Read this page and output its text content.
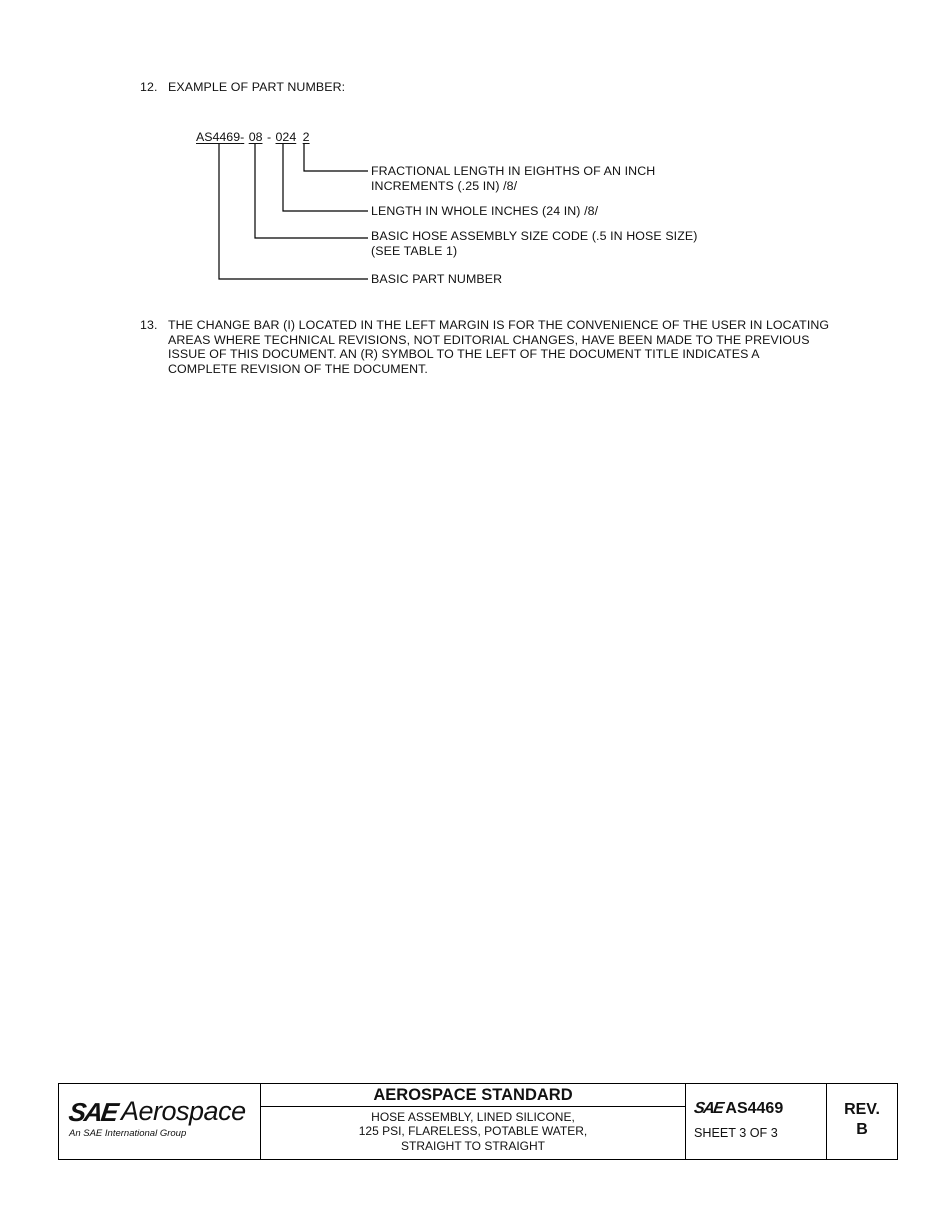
12. EXAMPLE OF PART NUMBER:
AS4469- 08 - 024 2
FRACTIONAL LENGTH IN EIGHTHS OF AN INCH
INCREMENTS (.25 IN) /8/
LENGTH IN WHOLE INCHES (24 IN) /8/
BASIC HOSE ASSEMBLY SIZE CODE (.5 IN HOSE SIZE)
(SEE TABLE 1)
BASIC PART NUMBER
13. THE CHANGE BAR (I) LOCATED IN THE LEFT MARGIN IS FOR THE CONVENIENCE OF THE USER IN LOCATING
AREAS WHERE TECHNICAL REVISIONS, NOT EDITORIAL CHANGES, HAVE BEEN MADE TO THE PREVIOUS
ISSUE OF THIS DOCUMENT. AN (R) SYMBOL TO THE LEFT OF THE DOCUMENT TITLE INDICATES A
COMPLETE REVISION OF THE DOCUMENT.
SAE Aerospace
An SAE International Group
AEROSPACE STANDARD
HOSE ASSEMBLY, LINED SILICONE,
125 PSI, FLARELESS, POTABLE WATER,
STRAIGHT TO STRAIGHT
SAE AS4469
SHEET 3 OF 3
REV.
B
